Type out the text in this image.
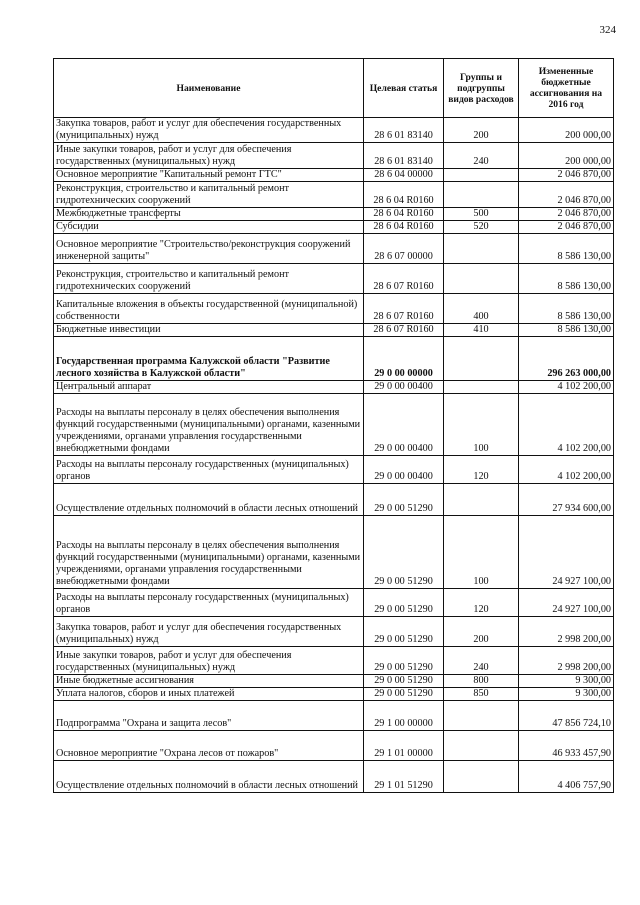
324
Наименование	Целевая статья	Группы и подгруппы видов расходов	Измененные бюджетные ассигнования на 2016 год
Закупка товаров, работ и услуг для обеспечения государственных (муниципальных) нужд	28 6 01 83140	200	200 000,00
Иные закупки товаров, работ и услуг для обеспечения государственных (муниципальных) нужд	28 6 01 83140	240	200 000,00
Основное мероприятие "Капитальный ремонт ГТС"	28 6 04 00000		2 046 870,00
Реконструкция, строительство и капитальный ремонт гидротехнических сооружений	28 6 04 R0160		2 046 870,00
Межбюджетные трансферты	28 6 04 R0160	500	2 046 870,00
Субсидии	28 6 04 R0160	520	2 046 870,00
Основное мероприятие "Строительство/реконструкция сооружений инженерной защиты"	28 6 07 00000		8 586 130,00
Реконструкция, строительство и капитальный ремонт гидротехнических сооружений	28 6 07 R0160		8 586 130,00
Капитальные вложения в объекты государственной (муниципальной) собственности	28 6 07 R0160	400	8 586 130,00
Бюджетные инвестиции	28 6 07 R0160	410	8 586 130,00
Государственная программа Калужской области "Развитие лесного хозяйства в Калужской области"	29 0 00 00000		296 263 000,00
Центральный аппарат	29 0 00 00400		4 102 200,00
Расходы на выплаты персоналу в целях обеспечения выполнения функций государственными (муниципальными) органами, казенными учреждениями, органами управления государственными внебюджетными фондами	29 0 00 00400	100	4 102 200,00
Расходы на выплаты персоналу государственных (муниципальных) органов	29 0 00 00400	120	4 102 200,00
Осуществление отдельных полномочий в области лесных отношений	29 0 00 51290		27 934 600,00
Расходы на выплаты персоналу в целях обеспечения выполнения функций государственными (муниципальными) органами, казенными учреждениями, органами управления государственными внебюджетными фондами	29 0 00 51290	100	24 927 100,00
Расходы на выплаты персоналу государственных (муниципальных) органов	29 0 00 51290	120	24 927 100,00
Закупка товаров, работ и услуг для обеспечения государственных (муниципальных) нужд	29 0 00 51290	200	2 998 200,00
Иные закупки товаров, работ и услуг для обеспечения государственных (муниципальных) нужд	29 0 00 51290	240	2 998 200,00
Иные бюджетные ассигнования	29 0 00 51290	800	9 300,00
Уплата налогов, сборов и иных платежей	29 0 00 51290	850	9 300,00
Подпрограмма "Охрана и защита лесов"	29 1 00 00000		47 856 724,10
Основное мероприятие "Охрана лесов от пожаров"	29 1 01 00000		46 933 457,90
Осуществление отдельных полномочий в области лесных отношений	29 1 01 51290		4 406 757,90
